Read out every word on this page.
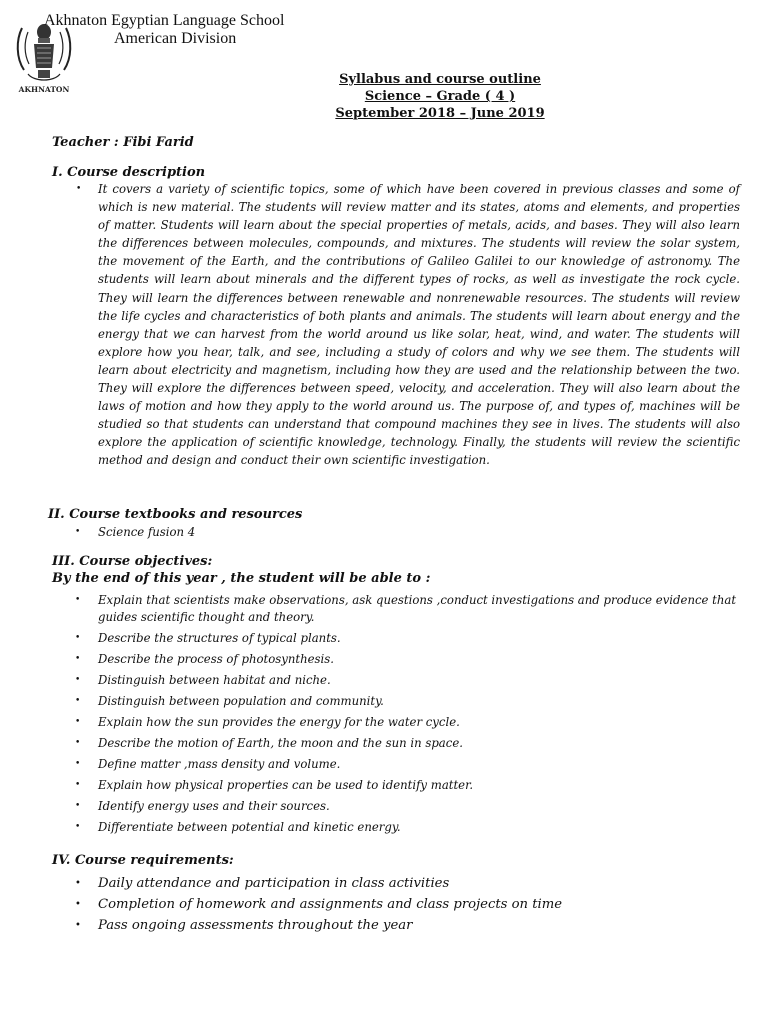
AKHNATON
Akhnaton Egyptian Language School
American Division
Syllabus and course outline
Science – Grade ( 4 )
September 2018 – June 2019
Teacher : Fibi Farid
I. Course description
• It covers a variety of scientific topics, some of which have been covered in previous classes and some of which is new material. The students will review matter and its states, atoms and elements, and properties of matter. Students will learn about the special properties of metals, acids, and bases. They will also learn the differences between molecules, compounds, and mixtures. The students will review the solar system, the movement of the Earth, and the contributions of Galileo Galilei to our knowledge of astronomy. The students will learn about minerals and the different types of rocks, as well as investigate the rock cycle. They will learn the differences between renewable and nonrenewable resources. The students will review the life cycles and characteristics of both plants and animals. The students will learn about energy and the energy that we can harvest from the world around us like solar, heat, wind, and water. The students will explore how you hear, talk, and see, including a study of colors and why we see them. The students will learn about electricity and magnetism, including how they are used and the relationship between the two. They will explore the differences between speed, velocity, and acceleration. They will also learn about the laws of motion and how they apply to the world around us. The purpose of, and types of, machines will be studied so that students can understand that compound machines they see in lives. The students will also explore the application of scientific knowledge, technology. Finally, the students will review the scientific method and design and conduct their own scientific investigation.
II. Course textbooks and resources
• Science fusion 4
III. Course objectives:
By the end of this year , the student will be able to :
• Explain that scientists make observations, ask questions ,conduct investigations and produce evidence that guides scientific thought and theory.
• Describe the structures of typical plants.
• Describe the process of photosynthesis.
• Distinguish between habitat and niche.
• Distinguish between population and community.
• Explain how the sun provides the energy for the water cycle.
• Describe the motion of Earth, the moon and the sun in space.
• Define matter ,mass density and volume.
• Explain how physical properties can be used to identify matter.
• Identify energy uses and their sources.
• Differentiate between potential and kinetic energy.
IV. Course requirements:
• Daily attendance and participation in class activities
• Completion of homework and assignments and class projects on time
• Pass ongoing assessments throughout the year
